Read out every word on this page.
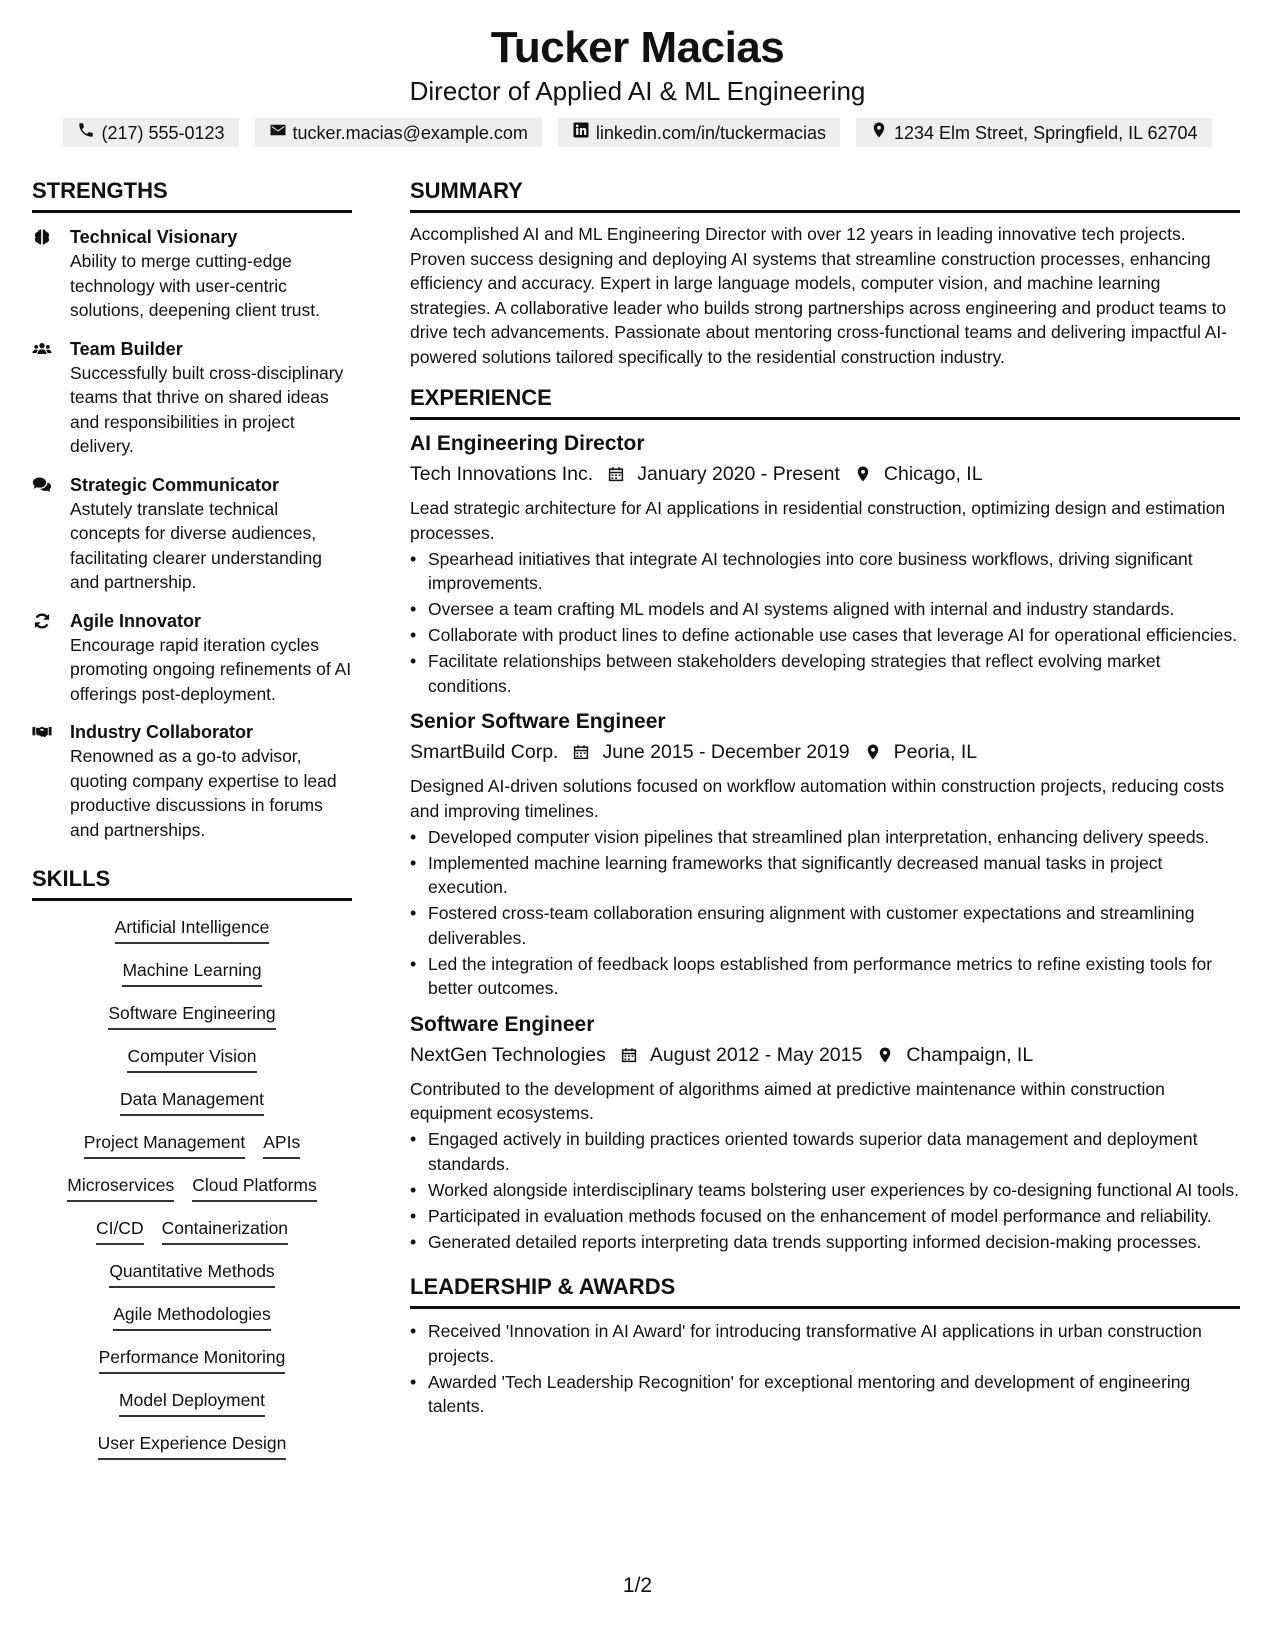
Tucker Macias
Director of Applied AI & ML Engineering
(217) 555-0123	tucker.macias@example.com	linkedin.com/in/tuckermacias	1234 Elm Street, Springfield, IL 62704
STRENGTHS
Technical Visionary
Ability to merge cutting-edge technology with user-centric solutions, deepening client trust.
Team Builder
Successfully built cross-disciplinary teams that thrive on shared ideas and responsibilities in project delivery.
Strategic Communicator
Astutely translate technical concepts for diverse audiences, facilitating clearer understanding and partnership.
Agile Innovator
Encourage rapid iteration cycles promoting ongoing refinements of AI offerings post-deployment.
Industry Collaborator
Renowned as a go-to advisor, quoting company expertise to lead productive discussions in forums and partnerships.
SKILLS
Artificial Intelligence
Machine Learning
Software Engineering
Computer Vision
Data Management
Project Management APIs
Microservices Cloud Platforms
CI/CD Containerization
Quantitative Methods
Agile Methodologies
Performance Monitoring
Model Deployment
User Experience Design
SUMMARY
Accomplished AI and ML Engineering Director with over 12 years in leading innovative tech projects. Proven success designing and deploying AI systems that streamline construction processes, enhancing efficiency and accuracy. Expert in large language models, computer vision, and machine learning strategies. A collaborative leader who builds strong partnerships across engineering and product teams to drive tech advancements. Passionate about mentoring cross-functional teams and delivering impactful AI-powered solutions tailored specifically to the residential construction industry.
EXPERIENCE
AI Engineering Director
Tech Innovations Inc. January 2020 - Present Chicago, IL
Lead strategic architecture for AI applications in residential construction, optimizing design and estimation processes.
• Spearhead initiatives that integrate AI technologies into core business workflows, driving significant improvements.
• Oversee a team crafting ML models and AI systems aligned with internal and industry standards.
• Collaborate with product lines to define actionable use cases that leverage AI for operational efficiencies.
• Facilitate relationships between stakeholders developing strategies that reflect evolving market conditions.
Senior Software Engineer
SmartBuild Corp. June 2015 - December 2019 Peoria, IL
Designed AI-driven solutions focused on workflow automation within construction projects, reducing costs and improving timelines.
• Developed computer vision pipelines that streamlined plan interpretation, enhancing delivery speeds.
• Implemented machine learning frameworks that significantly decreased manual tasks in project execution.
• Fostered cross-team collaboration ensuring alignment with customer expectations and streamlining deliverables.
• Led the integration of feedback loops established from performance metrics to refine existing tools for better outcomes.
Software Engineer
NextGen Technologies August 2012 - May 2015 Champaign, IL
Contributed to the development of algorithms aimed at predictive maintenance within construction equipment ecosystems.
• Engaged actively in building practices oriented towards superior data management and deployment standards.
• Worked alongside interdisciplinary teams bolstering user experiences by co-designing functional AI tools.
• Participated in evaluation methods focused on the enhancement of model performance and reliability.
• Generated detailed reports interpreting data trends supporting informed decision-making processes.
LEADERSHIP & AWARDS
• Received 'Innovation in AI Award' for introducing transformative AI applications in urban construction projects.
• Awarded 'Tech Leadership Recognition' for exceptional mentoring and development of engineering talents.
1/2
